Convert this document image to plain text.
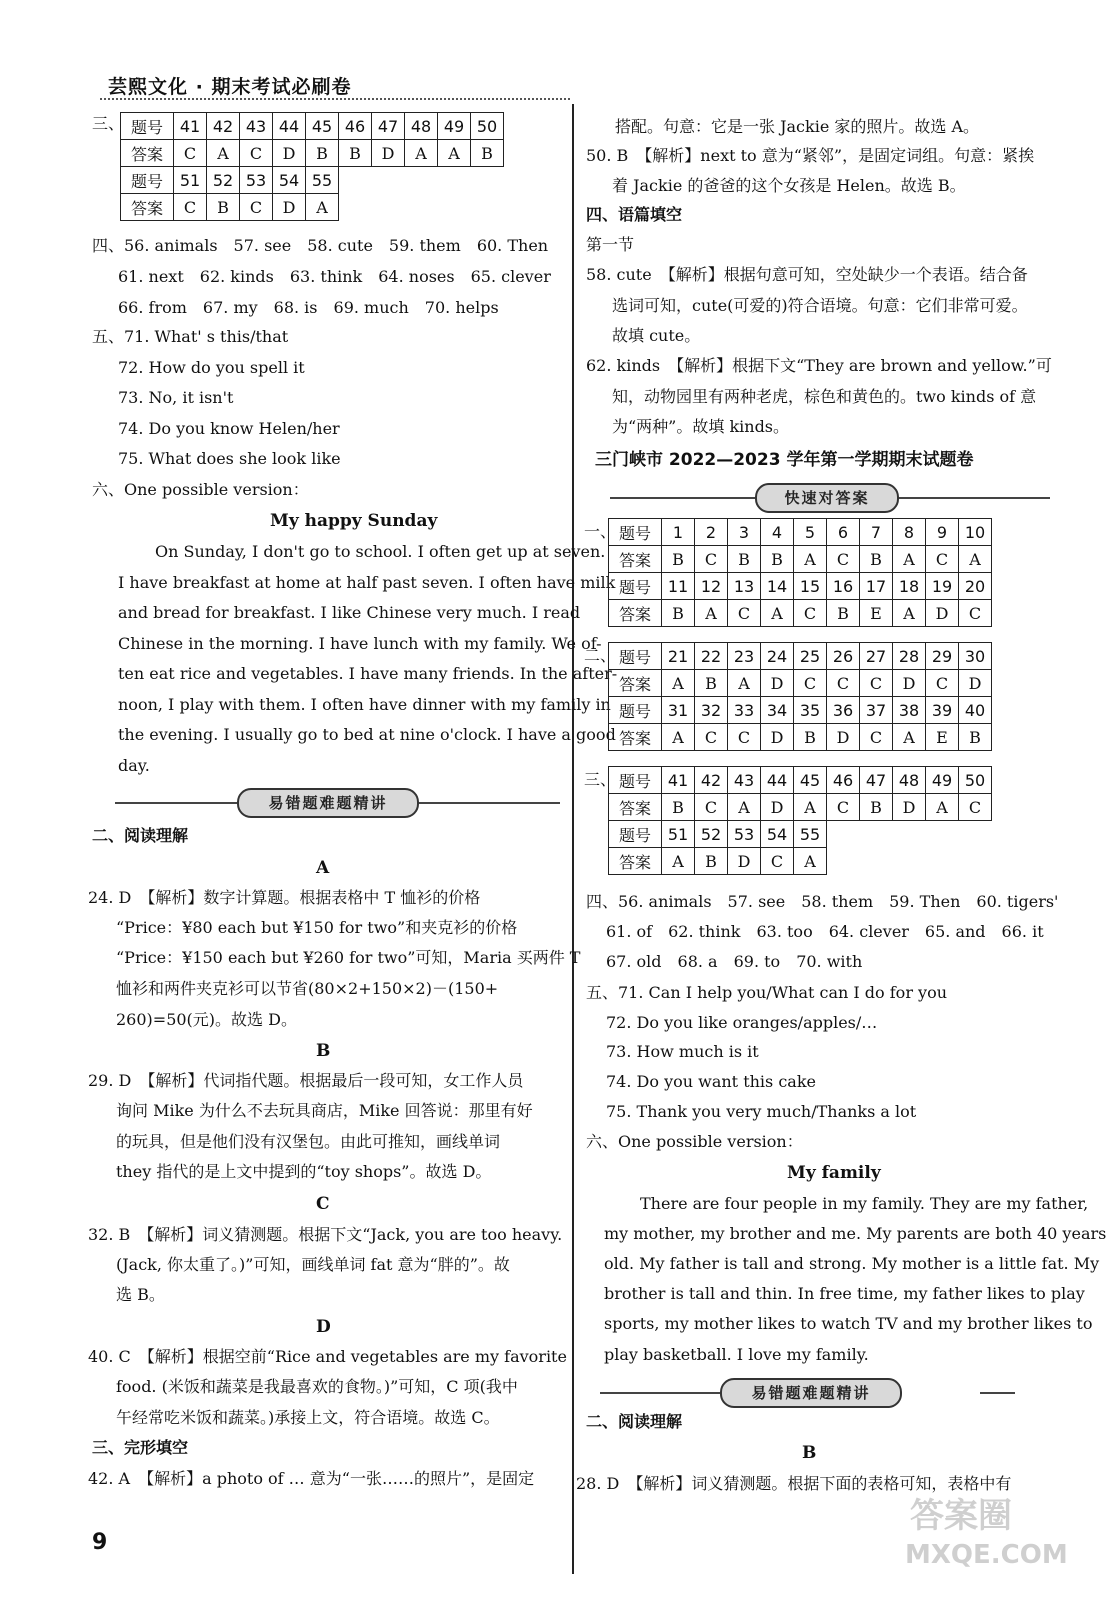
芸熙文化 · 期末考试必刷卷
三、 题号	41	42	43	44	45	46	47	48	49	50
答案	C	A	C	D	B	B	D	A	A	B
题号	51	52	53	54	55					
答案	C	B	C	D	A					
四、56. animals　57. see　58. cute　59. them　60. Then
61. next　62. kinds　63. think　64. noses　65. clever
66. from　67. my　68. is　69. much　70. helps
五、71. What' s this/that
72. How do you spell it
73. No, it isn't
74. Do you know Helen/her
75. What does she look like
六、One possible version：
My happy Sunday
On Sunday, I don't go to school. I often get up at seven.
I have breakfast at home at half past seven. I often have milk
and bread for breakfast. I like Chinese very much. I read
Chinese in the morning. I have lunch with my family. We of-
ten eat rice and vegetables. I have many friends. In the after-
noon, I play with them. I often have dinner with my family in
the evening. I usually go to bed at nine o'clock. I have a good
day.
易错题难题精讲
二、阅读理解
A
24. D　【解析】数字计算题。根据表格中 T 恤衫的价格
“Price：¥80 each but ¥150 for two”和夹克衫的价格
“Price：¥150 each but ¥260 for two”可知，Maria 买两件 T
恤衫和两件夹克衫可以节省(80×2+150×2)－(150+
260)=50(元)。故选 D。
B
29. D　【解析】代词指代题。根据最后一段可知，女工作人员
询问 Mike 为什么不去玩具商店，Mike 回答说：那里有好
的玩具，但是他们没有汉堡包。由此可推知，画线单词
they 指代的是上文中提到的“toy shops”。故选 D。
C
32. B　【解析】词义猜测题。根据下文“Jack, you are too heavy.
(Jack, 你太重了。)”可知，画线单词 fat 意为“胖的”。故
选 B。
D
40. C　【解析】根据空前“Rice and vegetables are my favorite
food. (米饭和蔬菜是我最喜欢的食物。)”可知，C 项(我中
午经常吃米饭和蔬菜。)承接上文，符合语境。故选 C。
三、完形填空
42. A　【解析】a photo of … 意为“一张……的照片”，是固定
9
搭配。句意：它是一张 Jackie 家的照片。故选 A。
50. B　【解析】next to 意为“紧邻”，是固定词组。句意：紧挨
着 Jackie 的爸爸的这个女孩是 Helen。故选 B。
四、语篇填空
第一节
58. cute　【解析】根据句意可知，空处缺少一个表语。结合备
选词可知，cute(可爱的)符合语境。句意：它们非常可爱。
故填 cute。
62. kinds　【解析】根据下文“They are brown and yellow.”可
知，动物园里有两种老虎，棕色和黄色的。two kinds of 意
为“两种”。故填 kinds。
三门峡市 2022—2023 学年第一学期期末试题卷
快速对答案
一、 题号	1	2	3	4	5	6	7	8	9	10
答案	B	C	B	B	A	C	B	A	C	A
题号	11	12	13	14	15	16	17	18	19	20
答案	B	A	C	A	C	B	E	A	D	C
二、 题号	21	22	23	24	25	26	27	28	29	30
答案	A	B	A	D	C	C	C	D	C	D
题号	31	32	33	34	35	36	37	38	39	40
答案	A	C	C	D	B	D	C	A	E	B
三、 题号	41	42	43	44	45	46	47	48	49	50
答案	B	C	A	D	A	C	B	D	A	C
题号	51	52	53	54	55					
答案	A	B	D	C	A					
四、56. animals　57. see　58. them　59. Then　60. tigers'
61. of　62. think　63. too　64. clever　65. and　66. it
67. old　68. a　69. to　70. with
五、71. Can I help you/What can I do for you
72. Do you like oranges/apples/…
73. How much is it
74. Do you want this cake
75. Thank you very much/Thanks a lot
六、One possible version：
My family
There are four people in my family. They are my father,
my mother, my brother and me. My parents are both 40 years
old. My father is tall and strong. My mother is a little fat. My
brother is tall and thin. In free time, my father likes to play
sports, my mother likes to watch TV and my brother likes to
play basketball. I love my family.
易错题难题精讲
二、阅读理解
B
28. D　【解析】词义猜测题。根据下面的表格可知，表格中有
答案圈
MXQE.COM
